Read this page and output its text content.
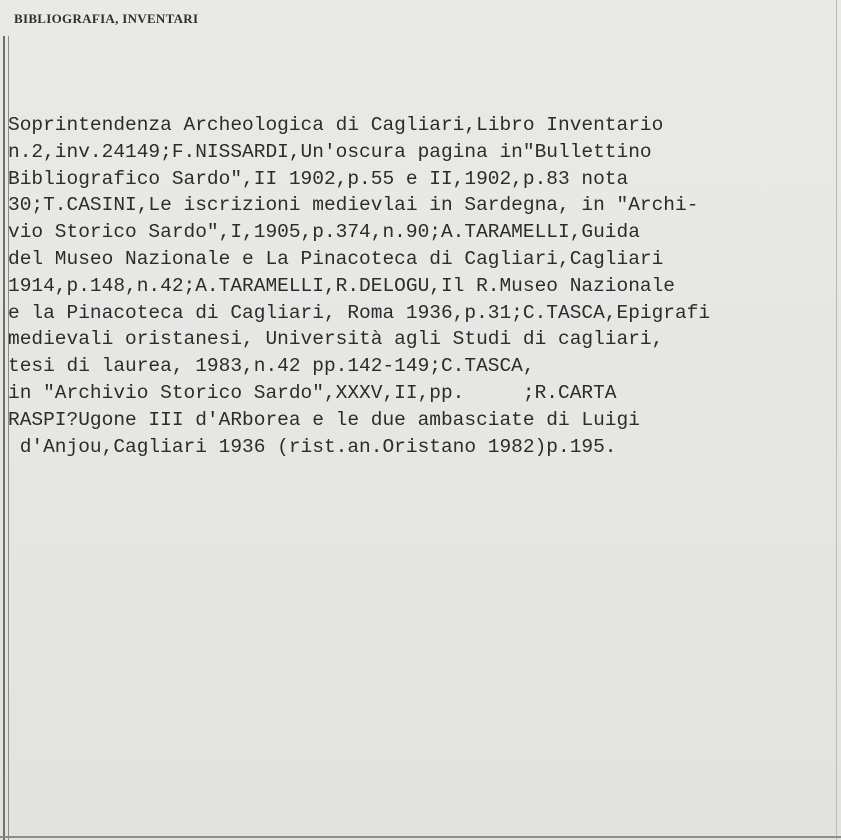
BIBLIOGRAFIA, INVENTARI
Soprintendenza Archeologica di Cagliari,Libro Inventario
n.2,inv.24149;F.NISSARDI,Un'oscura pagina in"Bullettino
Bibliografico Sardo",II 1902,p.55 e II,1902,p.83 nota
30;T.CASINI,Le iscrizioni medievlai in Sardegna, in "Archi-
vio Storico Sardo",I,1905,p.374,n.90;A.TARAMELLI,Guida
del Museo Nazionale e La Pinacoteca di Cagliari,Cagliari
1914,p.148,n.42;A.TARAMELLI,R.DELOGU,Il R.Museo Nazionale
e la Pinacoteca di Cagliari, Roma 1936,p.31;C.TASCA,Epigrafi
medievali oristanesi, Università agli Studi di cagliari,
tesi di laurea, 1983,n.42 pp.142-149;C.TASCA,
in "Archivio Storico Sardo",XXXV,II,pp.     ;R.CARTA
RASPI?Ugone III d'ARborea e le due ambasciate di Luigi
d'Anjou,Cagliari 1936 (rist.an.Oristano 1982)p.195.
